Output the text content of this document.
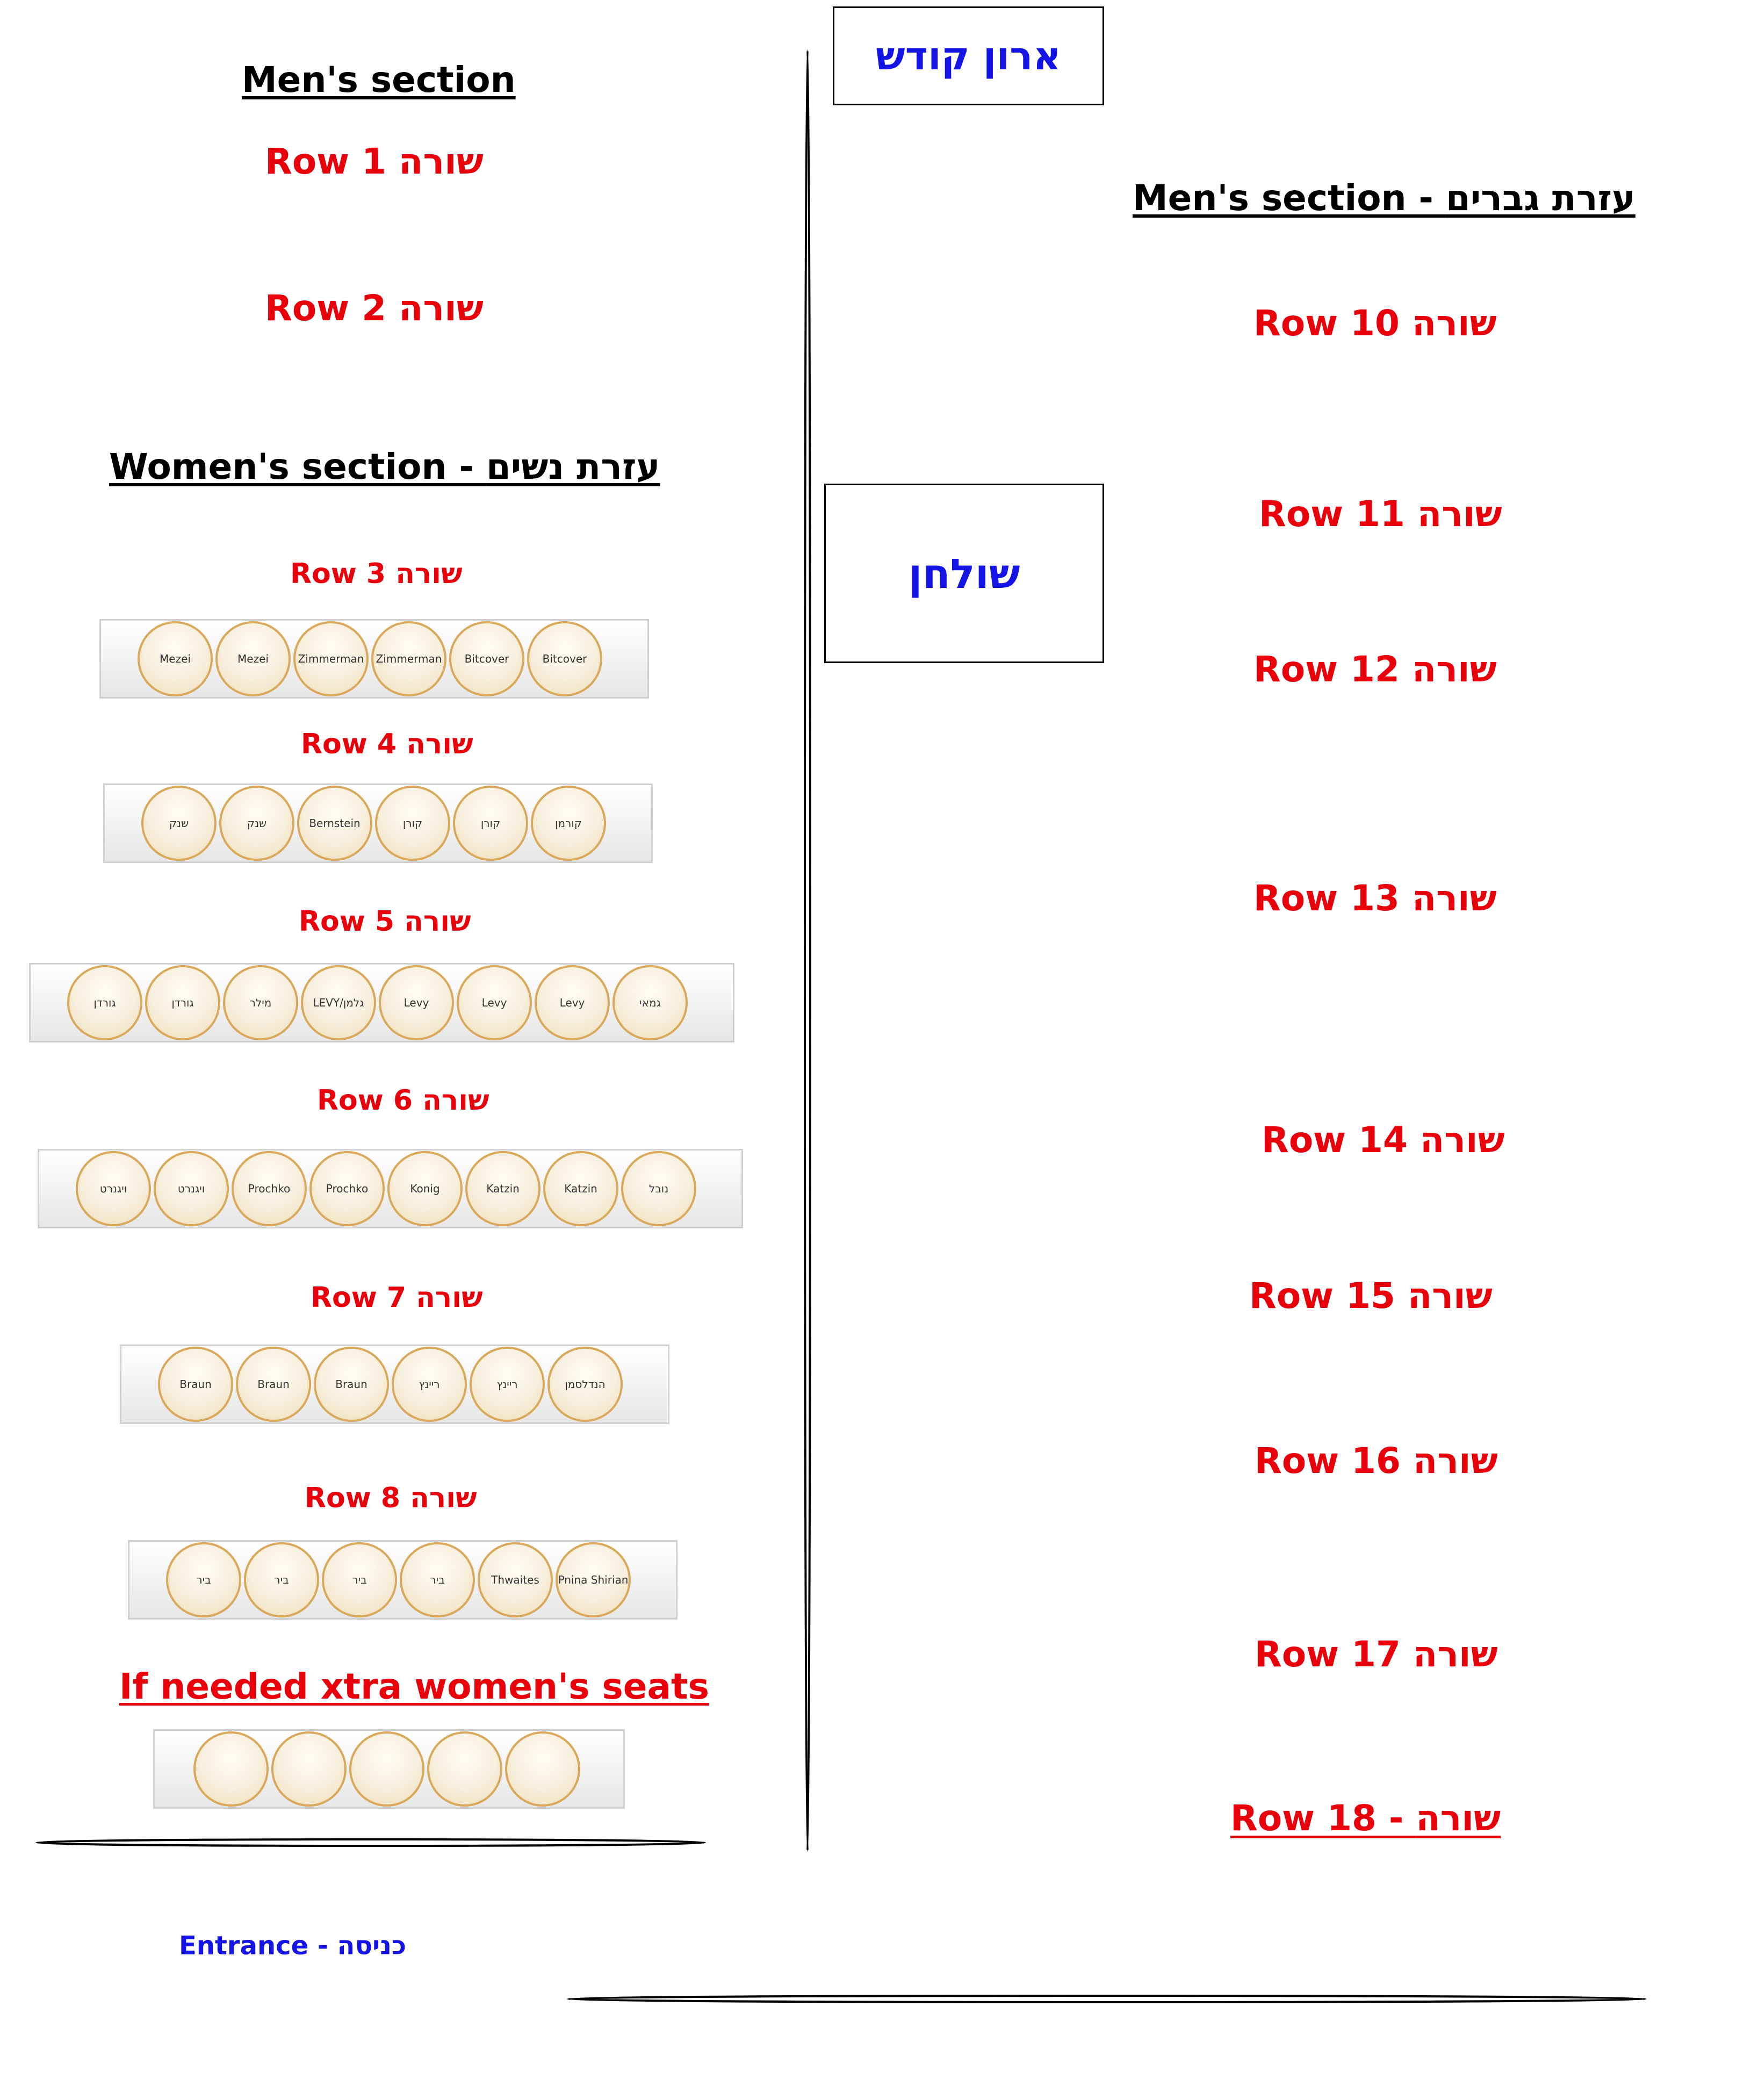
ארון קודש
שולחן
Men's section
Row 1 שורה
Row 2 שורה
Women's section - עזרת נשים
Row 3 שורה
Mezei	Mezei	Zimmerman	Zimmerman	Bitcover	Bitcover
Row 4 שורה
שנק	שנק	Bernstein	קורן	קורן	קורמן
Row 5 שורה
גורדן	גורדן	מילר	LEVY/גלמן	Levy	Levy	Levy	גמאי
Row 6 שורה
ויגנרט	ויגנרט	Prochko	Prochko	Konig	Katzin	Katzin	נובל
Row 7 שורה
Braun	Braun	Braun	ריינץ	ריינץ	הנדלסמן
Row 8 שורה
ביר	ביר	ביר	ביר	Thwaites	Pnina Shirian
If needed xtra women's seats
Entrance - כניסה
Men's section - עזרת גברים
Row 10 שורה
Row 11 שורה
Row 12 שורה
Row 13 שורה
Row 14 שורה
Row 15 שורה
Row 16 שורה
Row 17 שורה
Row 18 - שורה
